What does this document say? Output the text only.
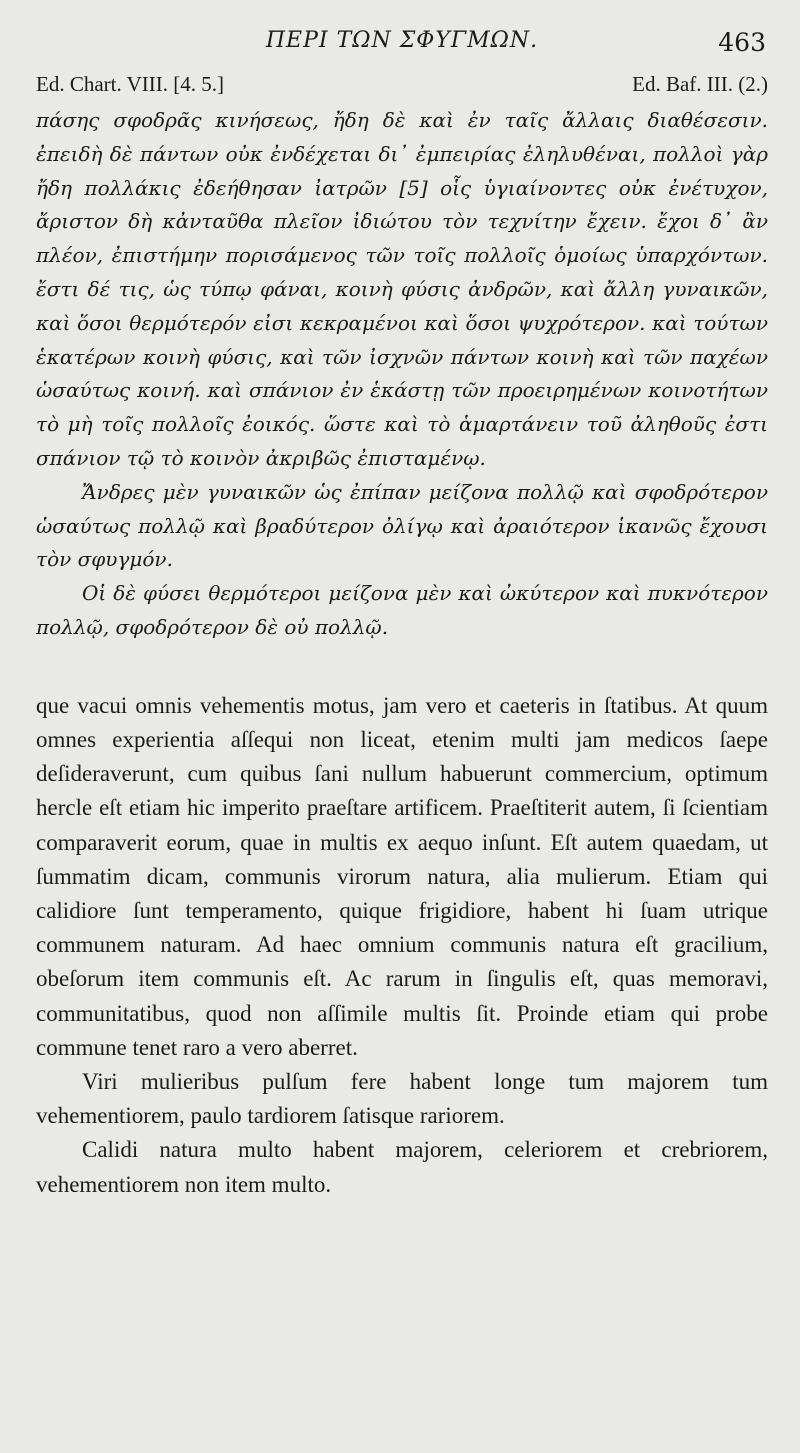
ΠΕΡΙ ΤΩΝ ΣΦΥΓΜΩΝ.	463
Ed. Chart. VIII. [4. 5.]	Ed. Baf. III. (2.)

πάσης σφοδρᾶς κινήσεως, ἤδη δὲ καὶ ἐν ταῖς ἄλλαις διαθέσεσιν. ἐπειδὴ δὲ πάντων οὐκ ἐνδέχεται δι᾽ ἐμπειρίας ἐληλυθέναι, πολλοὶ γὰρ ἤδη πολλάκις ἐδεήθησαν ἰατρῶν [5] οἷς ὑγιαίνοντες οὐκ ἐνέτυχον, ἄριστον δὴ κἀνταῦθα πλεῖον ἰδιώτου τὸν τεχνίτην ἔχειν. ἔχοι δ᾽ ἂν πλέον, ἐπιστήμην πορισάμενος τῶν τοῖς πολλοῖς ὁμοίως ὑπαρχόντων. ἔστι δέ τις, ὡς τύπῳ φάναι, κοινὴ φύσις ἀνδρῶν, καὶ ἄλλη γυναικῶν, καὶ ὅσοι θερμότερόν εἰσι κεκραμένοι καὶ ὅσοι ψυχρότερον. καὶ τούτων ἑκατέρων κοινὴ φύσις, καὶ τῶν ἰσχνῶν πάντων κοινὴ καὶ τῶν παχέων ὡσαύτως κοινή. καὶ σπάνιον ἐν ἑκάστῃ τῶν προειρημένων κοινοτήτων τὸ μὴ τοῖς πολλοῖς ἐοικός. ὥστε καὶ τὸ ἁμαρτάνειν τοῦ ἀληθοῦς ἐστι σπάνιον τῷ τὸ κοινὸν ἀκριβῶς ἐπισταμένῳ.

Ἄνδρες μὲν γυναικῶν ὡς ἐπίπαν μείζονα πολλῷ καὶ σφοδρότερον ὡσαύτως πολλῷ καὶ βραδύτερον ὀλίγῳ καὶ ἀραιότερον ἱκανῶς ἔχουσι τὸν σφυγμόν.

Οἱ δὲ φύσει θερμότεροι μείζονα μὲν καὶ ὠκύτερον καὶ πυκνότερον πολλῷ, σφοδρότερον δὲ οὐ πολλῷ.

que vacui omnis vehementis motus, jam vero et caeteris in ſtatibus. At quum omnes experientia aſſequi non liceat, etenim multi jam medicos ſaepe deſideraverunt, cum quibus ſani nullum habuerunt commercium, optimum hercle eſt etiam hic imperito praeſtare artificem. Praeſtiterit autem, ſi ſcientiam comparaverit eorum, quae in multis ex aequo inſunt. Eſt autem quaedam, ut ſummatim dicam, communis virorum natura, alia mulierum. Etiam qui calidiore ſunt temperamento, quique frigidiore, habent hi ſuam utrique communem naturam. Ad haec omnium communis natura eſt gracilium, obeſorum item communis eſt. Ac rarum in ſingulis eſt, quas memoravi, communitatibus, quod non aſſimile multis ſit. Proinde etiam qui probe commune tenet raro a vero aberret.

Viri mulieribus pulſum fere habent longe tum majorem tum vehementiorem, paulo tardiorem ſatisque rariorem.

Calidi natura multo habent majorem, celeriorem et crebriorem, vehementiorem non item multo.
